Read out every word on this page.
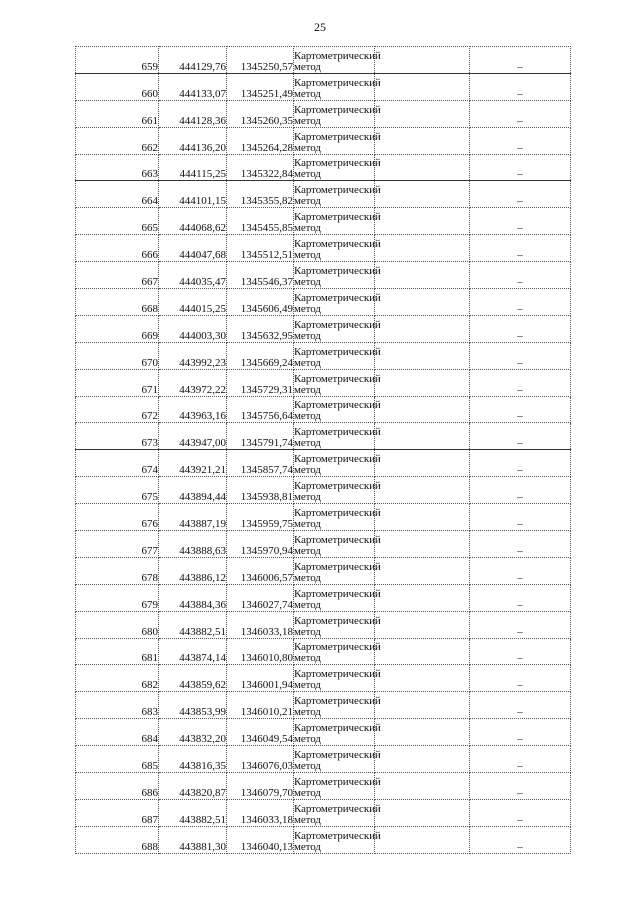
25
659	444129,76	1345250,57	Картометрический метод		–
660	444133,07	1345251,49	Картометрический метод		–
661	444128,36	1345260,35	Картометрический метод		–
662	444136,20	1345264,28	Картометрический метод		–
663	444115,25	1345322,84	Картометрический метод		–
664	444101,15	1345355,82	Картометрический метод		–
665	444068,62	1345455,85	Картометрический метод		–
666	444047,68	1345512,51	Картометрический метод		–
667	444035,47	1345546,37	Картометрический метод		–
668	444015,25	1345606,49	Картометрический метод		–
669	444003,30	1345632,95	Картометрический метод		–
670	443992,23	1345669,24	Картометрический метод		–
671	443972,22	1345729,31	Картометрический метод		–
672	443963,16	1345756,64	Картометрический метод		–
673	443947,00	1345791,74	Картометрический метод		–
674	443921,21	1345857,74	Картометрический метод		–
675	443894,44	1345938,81	Картометрический метод		–
676	443887,19	1345959,75	Картометрический метод		–
677	443888,63	1345970,94	Картометрический метод		–
678	443886,12	1346006,57	Картометрический метод		–
679	443884,36	1346027,74	Картометрический метод		–
680	443882,51	1346033,18	Картометрический метод		–
681	443874,14	1346010,80	Картометрический метод		–
682	443859,62	1346001,94	Картометрический метод		–
683	443853,99	1346010,21	Картометрический метод		–
684	443832,20	1346049,54	Картометрический метод		–
685	443816,35	1346076,03	Картометрический метод		–
686	443820,87	1346079,70	Картометрический метод		–
687	443882,51	1346033,18	Картометрический метод		–
688	443881,30	1346040,13	Картометрический метод		–
